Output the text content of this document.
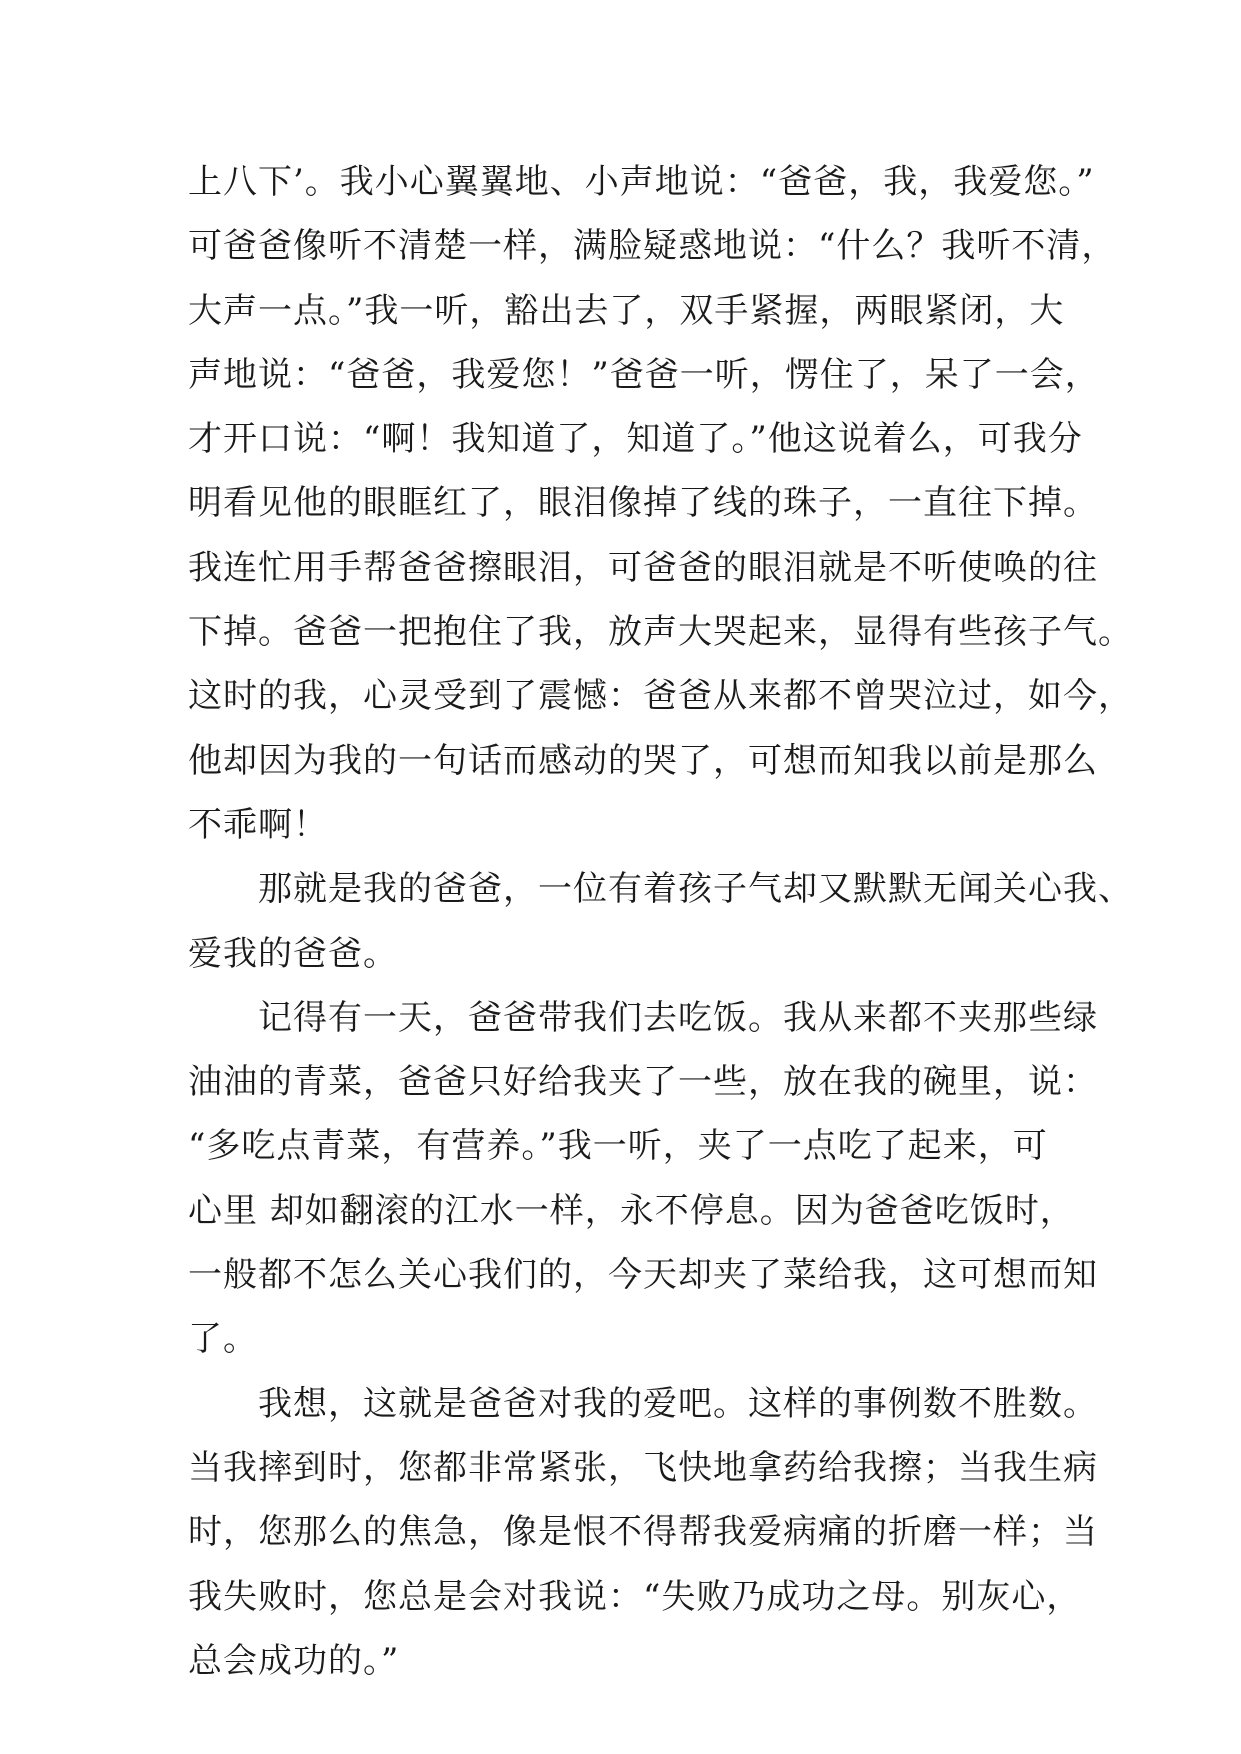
上八下’。我小心翼翼地、小声地说：“爸爸，我，我爱您。”
可爸爸像听不清楚一样，满脸疑惑地说：“什么？我听不清，
大声一点。”我一听，豁出去了，双手紧握，两眼紧闭，大
声地说：“爸爸，我爱您！”爸爸一听，愣住了，呆了一会，
才开口说：“啊！我知道了，知道了。”他这说着么，可我分
明看见他的眼眶红了，眼泪像掉了线的珠子，一直往下掉。
我连忙用手帮爸爸擦眼泪，可爸爸的眼泪就是不听使唤的往
下掉。爸爸一把抱住了我，放声大哭起来，显得有些孩子气。
这时的我，心灵受到了震憾：爸爸从来都不曾哭泣过，如今，
他却因为我的一句话而感动的哭了，可想而知我以前是那么
不乖啊！
　　那就是我的爸爸，一位有着孩子气却又默默无闻关心我、
爱我的爸爸。
　　记得有一天，爸爸带我们去吃饭。我从来都不夹那些绿
油油的青菜，爸爸只好给我夹了一些，放在我的碗里，说：
“多吃点青菜，有营养。”我一听，夹了一点吃了起来，可
心里 却如翻滚的江水一样，永不停息。因为爸爸吃饭时，
一般都不怎么关心我们的，今天却夹了菜给我，这可想而知
了。
　　我想，这就是爸爸对我的爱吧。这样的事例数不胜数。
当我摔到时，您都非常紧张，飞快地拿药给我擦；当我生病
时，您那么的焦急，像是恨不得帮我爱病痛的折磨一样；当
我失败时，您总是会对我说：“失败乃成功之母。别灰心，
总会成功的。”
